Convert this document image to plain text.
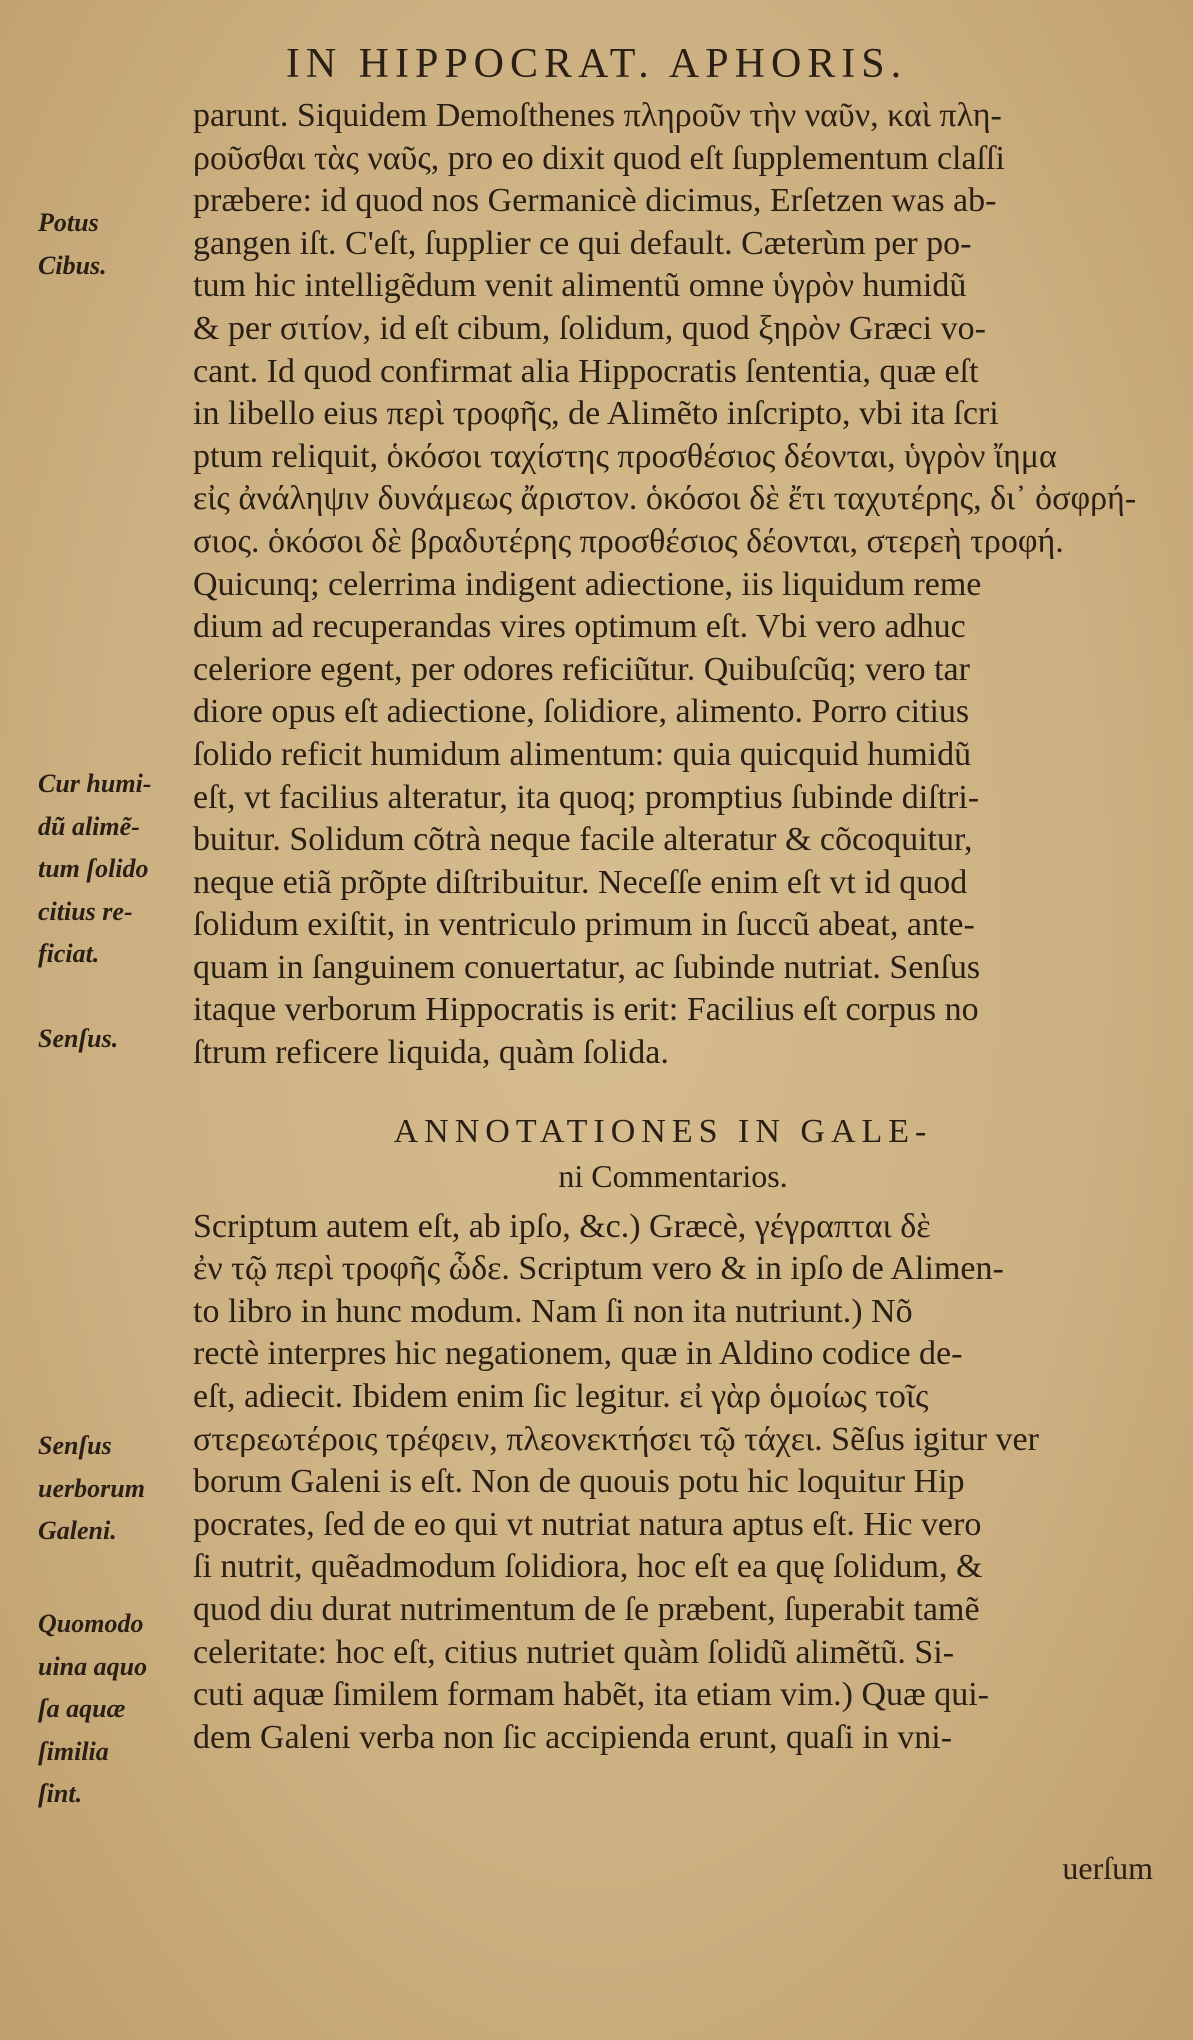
IN HIPPOCRAT. APHORIS.
Potus
Cibus.
Cur humi-
dũ alimẽ-
tum ſolido
citius re-
ficiat.
Senſus.
Senſus
uerborum
Galeni.
Quomodo
uina aquo
ſa aquæ
ſimilia
ſint.
parunt. Siquidem Demoſthenes πληροῦν τὴν ναῦν, καὶ πλη-
ροῦσθαι τὰς ναῦς, pro eo dixit quod eſt ſupplementum claſſi
præbere: id quod nos Germanicè dicimus, Erſetzen was ab-
gangen iſt. C'eſt, ſupplier ce qui default. Cæterùm per po-
tum hic intelligẽdum venit alimentũ omne ὑγρὸν humidũ
& per σιτίον, id eſt cibum, ſolidum, quod ξηρὸν Græci vo-
cant. Id quod confirmat alia Hippocratis ſententia, quæ eſt
in libello eius περὶ τροφῆς, de Alimẽto inſcripto, vbi ita ſcri
ptum reliquit, ὁκόσοι ταχίστης προσθέσιος δέονται, ὑγρὸν ἴημα
εἰς ἀνάληψιν δυνάμεως ἄριστον. ὁκόσοι δὲ ἔτι ταχυτέρης, δι᾽ ὀσφρή-
σιος. ὁκόσοι δὲ βραδυτέρης προσθέσιος δέονται, στερεὴ τροφή.
Quicunq; celerrima indigent adiectione, iis liquidum reme
dium ad recuperandas vires optimum eſt. Vbi vero adhuc
celeriore egent, per odores reficiũtur. Quibuſcũq; vero tar
diore opus eſt adiectione, ſolidiore, alimento. Porro citius
ſolido reficit humidum alimentum: quia quicquid humidũ
eſt, vt facilius alteratur, ita quoq; promptius ſubinde diſtri-
buitur. Solidum cõtrà neque facile alteratur & cõcoquitur,
neque etiã prõpte diſtribuitur. Neceſſe enim eſt vt id quod
ſolidum exiſtit, in ventriculo primum in ſuccũ abeat, ante-
quam in ſanguinem conuertatur, ac ſubinde nutriat. Senſus
itaque verborum Hippocratis is erit: Facilius eſt corpus no
ſtrum reficere liquida, quàm ſolida.
ANNOTATIONES IN GALE-
ni Commentarios.
Scriptum autem eſt, ab ipſo, &c.) Græcè, γέγραπται δὲ
ἐν τῷ περὶ τροφῆς ὧδε. Scriptum vero & in ipſo de Alimen-
to libro in hunc modum. Nam ſi non ita nutriunt.) Nõ
rectè interpres hic negationem, quæ in Aldino codice de-
eſt, adiecit. Ibidem enim ſic legitur. εἰ γὰρ ὁμοίως τοῖς
στερεωτέροις τρέφειν, πλεονεκτήσει τῷ τάχει. Sẽſus igitur ver
borum Galeni is eſt. Non de quouis potu hic loquitur Hip
pocrates, ſed de eo qui vt nutriat natura aptus eſt. Hic vero
ſi nutrit, quẽadmodum ſolidiora, hoc eſt ea quę ſolidum, &
quod diu durat nutrimentum de ſe præbent, ſuperabit tamẽ
celeritate: hoc eſt, citius nutriet quàm ſolidũ alimẽtũ. Si-
cuti aquæ ſimilem formam habẽt, ita etiam vim.) Quæ qui-
dem Galeni verba non ſic accipienda erunt, quaſi in vni-
uerſum
